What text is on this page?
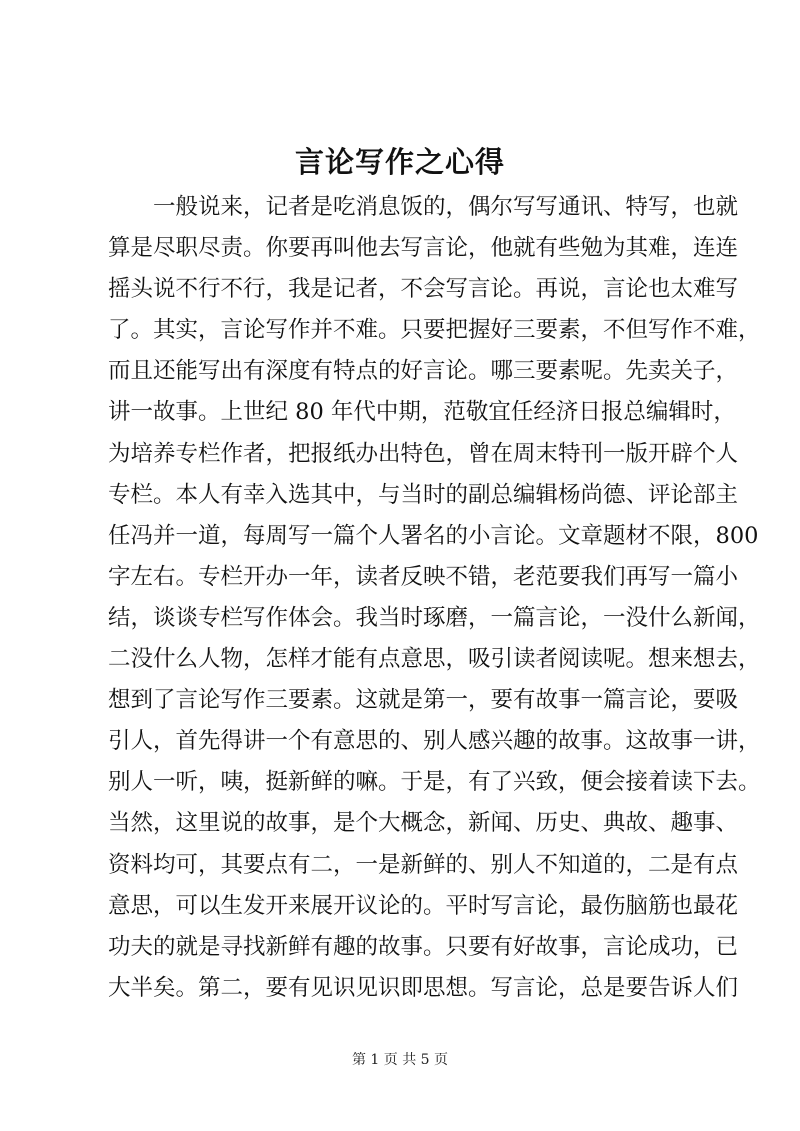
言论写作之心得
　　一般说来，记者是吃消息饭的，偶尔写写通讯、特写，也就
算是尽职尽责。你要再叫他去写言论，他就有些勉为其难，连连
摇头说不行不行，我是记者，不会写言论。再说，言论也太难写
了。其实，言论写作并不难。只要把握好三要素，不但写作不难，
而且还能写出有深度有特点的好言论。哪三要素呢。先卖关子，
讲一故事。上世纪 80 年代中期，范敬宜任经济日报总编辑时，
为培养专栏作者，把报纸办出特色，曾在周末特刊一版开辟个人
专栏。本人有幸入选其中，与当时的副总编辑杨尚德、评论部主
任冯并一道，每周写一篇个人署名的小言论。文章题材不限，800
字左右。专栏开办一年，读者反映不错，老范要我们再写一篇小
结，谈谈专栏写作体会。我当时琢磨，一篇言论，一没什么新闻，
二没什么人物，怎样才能有点意思，吸引读者阅读呢。想来想去，
想到了言论写作三要素。这就是第一，要有故事一篇言论，要吸
引人，首先得讲一个有意思的、别人感兴趣的故事。这故事一讲，
别人一听，咦，挺新鲜的嘛。于是，有了兴致，便会接着读下去。
当然，这里说的故事，是个大概念，新闻、历史、典故、趣事、
资料均可，其要点有二，一是新鲜的、别人不知道的，二是有点
意思，可以生发开来展开议论的。平时写言论，最伤脑筋也最花
功夫的就是寻找新鲜有趣的故事。只要有好故事，言论成功，已
大半矣。第二，要有见识见识即思想。写言论，总是要告诉人们
第 1 页 共 5 页
